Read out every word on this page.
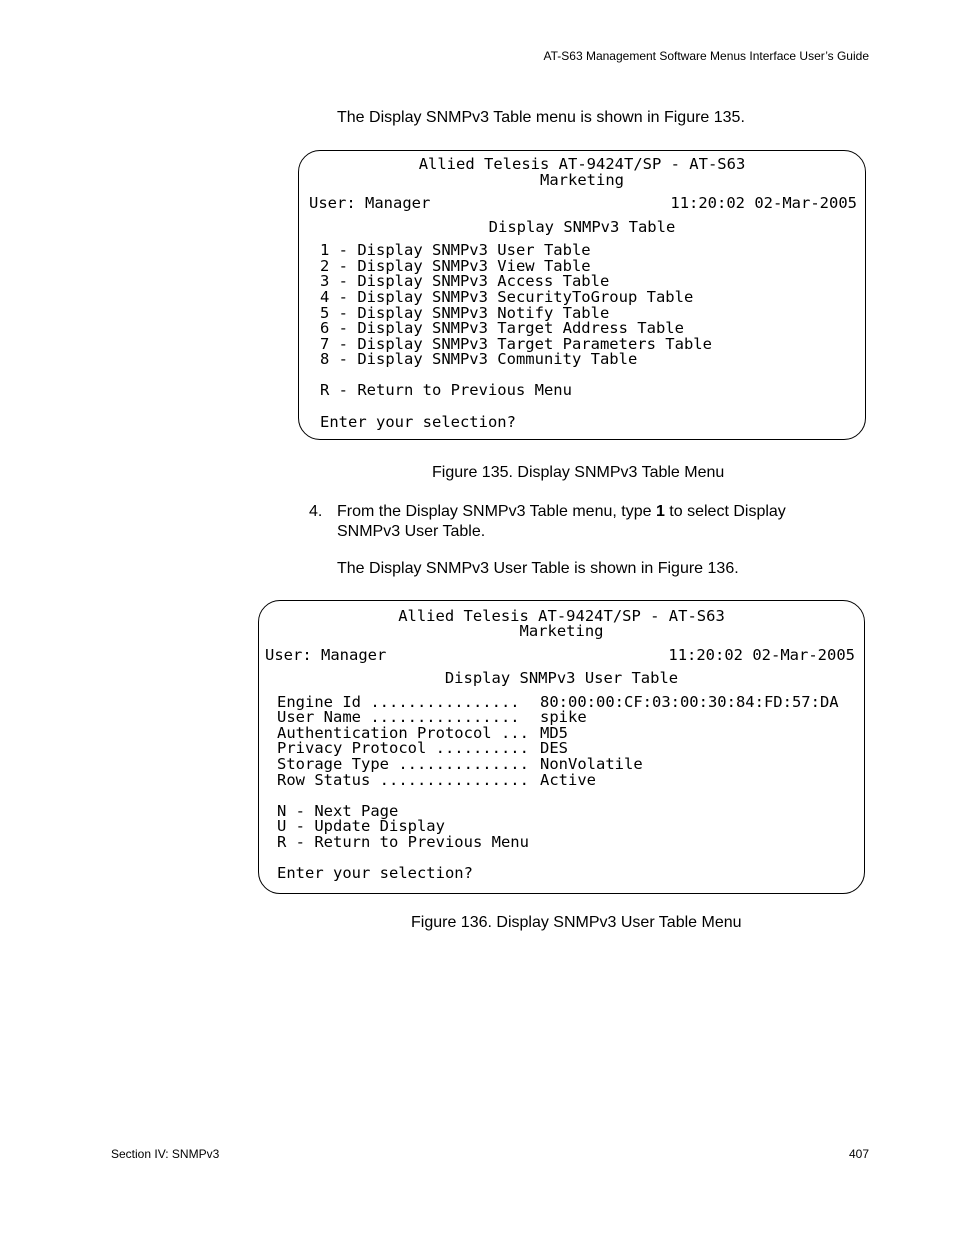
AT-S63 Management Software Menus Interface User’s Guide
The Display SNMPv3 Table menu is shown in Figure 135.
Allied Telesis AT-9424T/SP - AT-S63
Marketing
User: Manager	11:20:02 02-Mar-2005
Display SNMPv3 Table
1 - Display SNMPv3 User Table
2 - Display SNMPv3 View Table
3 - Display SNMPv3 Access Table
4 - Display SNMPv3 SecurityToGroup Table
5 - Display SNMPv3 Notify Table
6 - Display SNMPv3 Target Address Table
7 - Display SNMPv3 Target Parameters Table
8 - Display SNMPv3 Community Table
R - Return to Previous Menu
Enter your selection?
Figure 135. Display SNMPv3 Table Menu
4. From the Display SNMPv3 Table menu, type 1 to select Display
SNMPv3 User Table.
The Display SNMPv3 User Table is shown in Figure 136.
Allied Telesis AT-9424T/SP - AT-S63
Marketing
User: Manager	11:20:02 02-Mar-2005
Display SNMPv3 User Table
Engine Id ................ 80:00:00:CF:03:00:30:84:FD:57:DA
User Name ................ spike
Authentication Protocol ... MD5
Privacy Protocol .......... DES
Storage Type .............. NonVolatile
Row Status ................ Active
N - Next Page
U - Update Display
R - Return to Previous Menu
Enter your selection?
Figure 136. Display SNMPv3 User Table Menu
Section IV: SNMPv3	407
